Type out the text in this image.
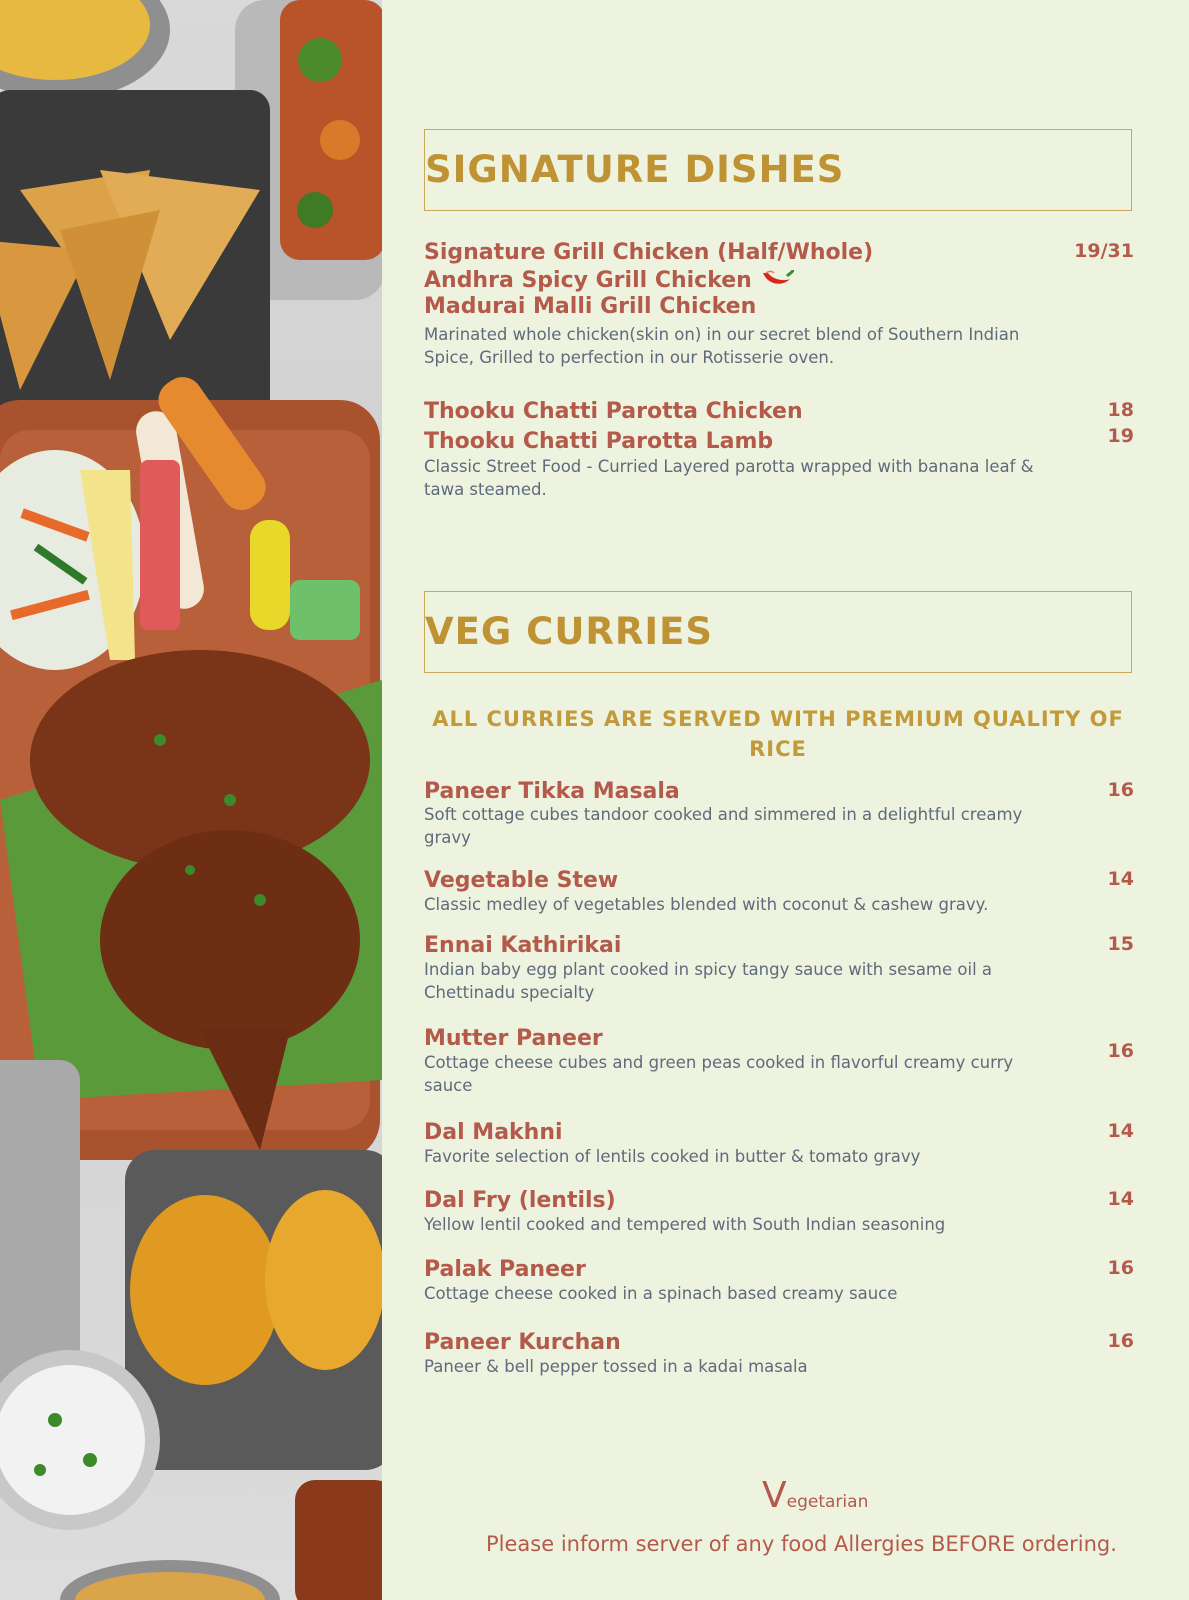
SIGNATURE DISHES
Signature Grill Chicken (Half/Whole)	19/31
Andhra Spicy Grill Chicken
Madurai Malli Grill Chicken
Marinated whole chicken(skin on) in our secret blend of Southern Indian Spice, Grilled to perfection in our Rotisserie oven.
Thooku Chatti Parotta Chicken	18
Thooku Chatti Parotta Lamb	19
Classic Street Food - Curried Layered parotta wrapped with banana leaf & tawa steamed.
VEG CURRIES
ALL CURRIES ARE SERVED WITH PREMIUM QUALITY OF RICE
Paneer Tikka Masala	16
Soft cottage cubes tandoor cooked and simmered in a delightful creamy gravy
Vegetable Stew	14
Classic medley of vegetables blended with coconut & cashew gravy.
Ennai Kathirikai	15
Indian baby egg plant cooked in spicy tangy sauce with sesame oil a Chettinadu specialty
Mutter Paneer	16
Cottage cheese cubes and green peas cooked in flavorful creamy curry sauce
Dal Makhni	14
Favorite selection of lentils cooked in butter & tomato gravy
Dal Fry (lentils)	14
Yellow lentil cooked and tempered with South Indian seasoning
Palak Paneer	16
Cottage cheese cooked in a spinach based creamy sauce
Paneer Kurchan	16
Paneer & bell pepper tossed in a kadai masala
Vegetarian
Please inform server of any food Allergies BEFORE ordering.
